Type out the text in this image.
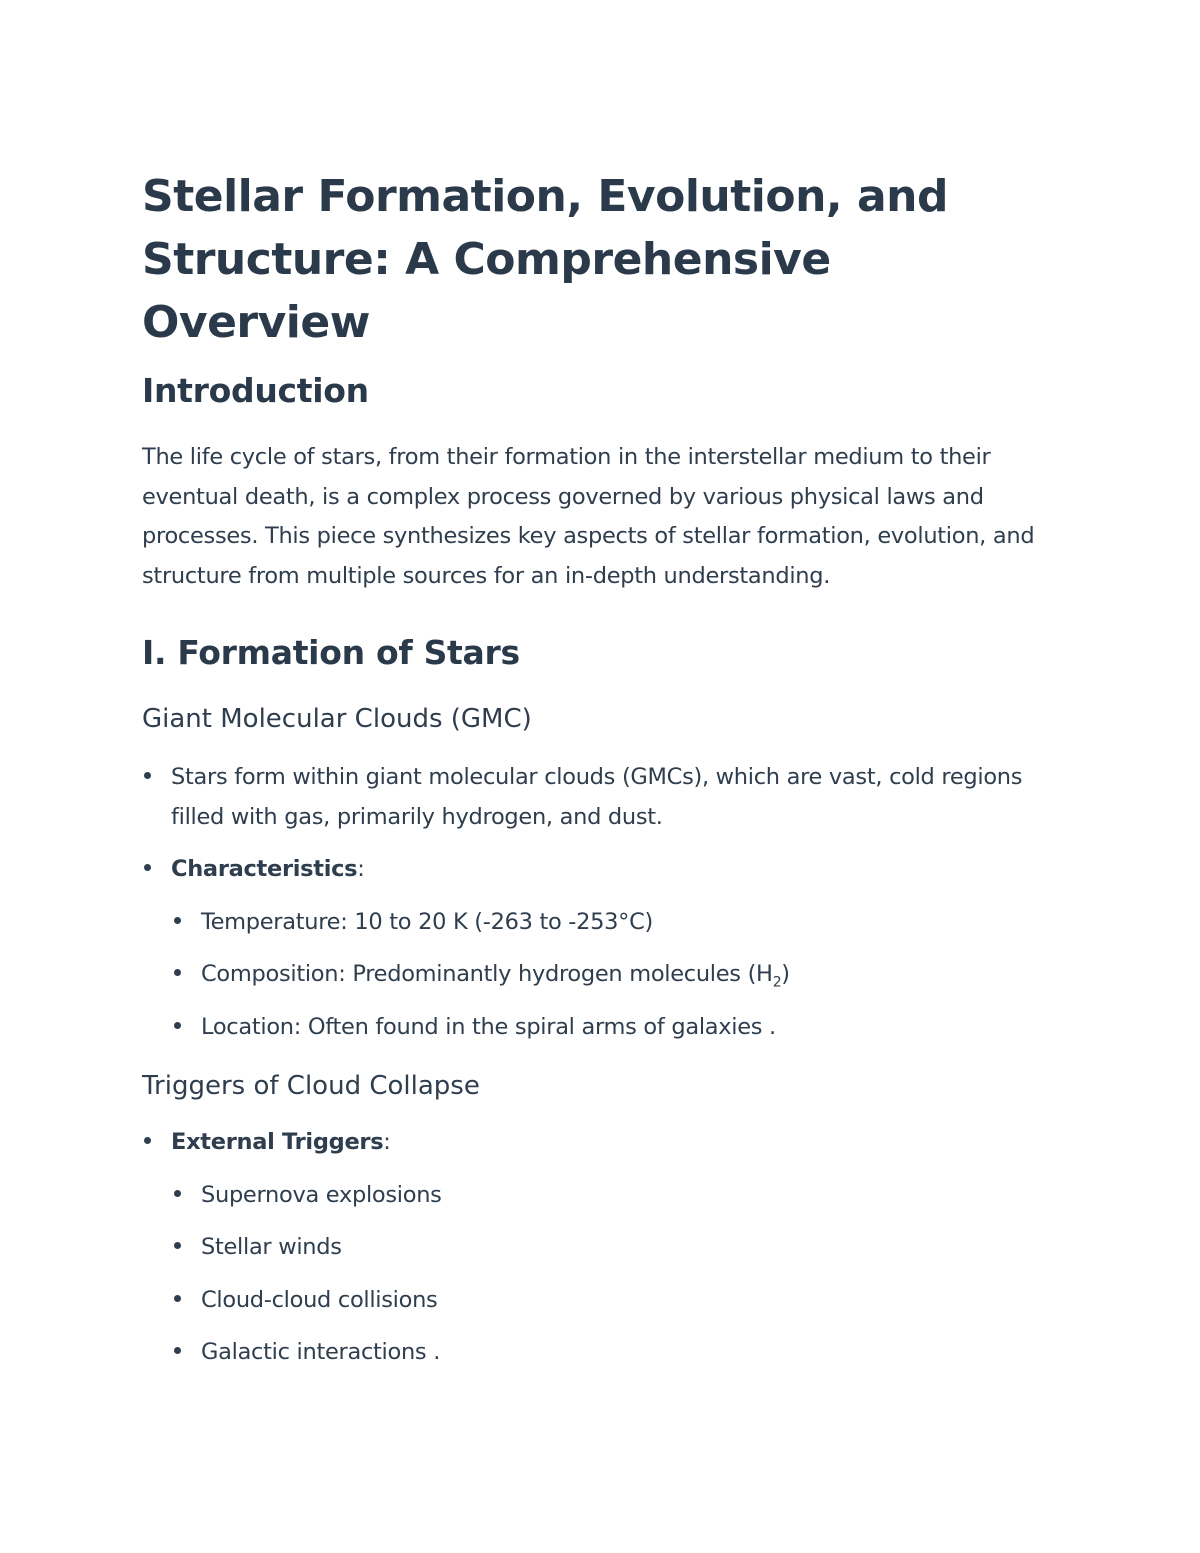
Stellar Formation, Evolution, and
Structure: A Comprehensive Overview
Introduction

The life cycle of stars, from their formation in the interstellar medium to their eventual death, is a complex process governed by various physical laws and processes. This piece synthesizes key aspects of stellar formation, evolution, and structure from multiple sources for an in-depth understanding.

I. Formation of Stars
Giant Molecular Clouds (GMC)
Stars form within giant molecular clouds (GMCs), which are vast, cold regions filled with gas, primarily hydrogen, and dust.
Characteristics:
Temperature: 10 to 20 K (-263 to -253°C)
Composition: Predominantly hydrogen molecules $(H_2)$
Location: Often found in the spiral arms of galaxies .
Triggers of Cloud Collapse
External Triggers:
Supernova explosions
Stellar winds
Cloud-cloud collisions
Galactic interactions .
